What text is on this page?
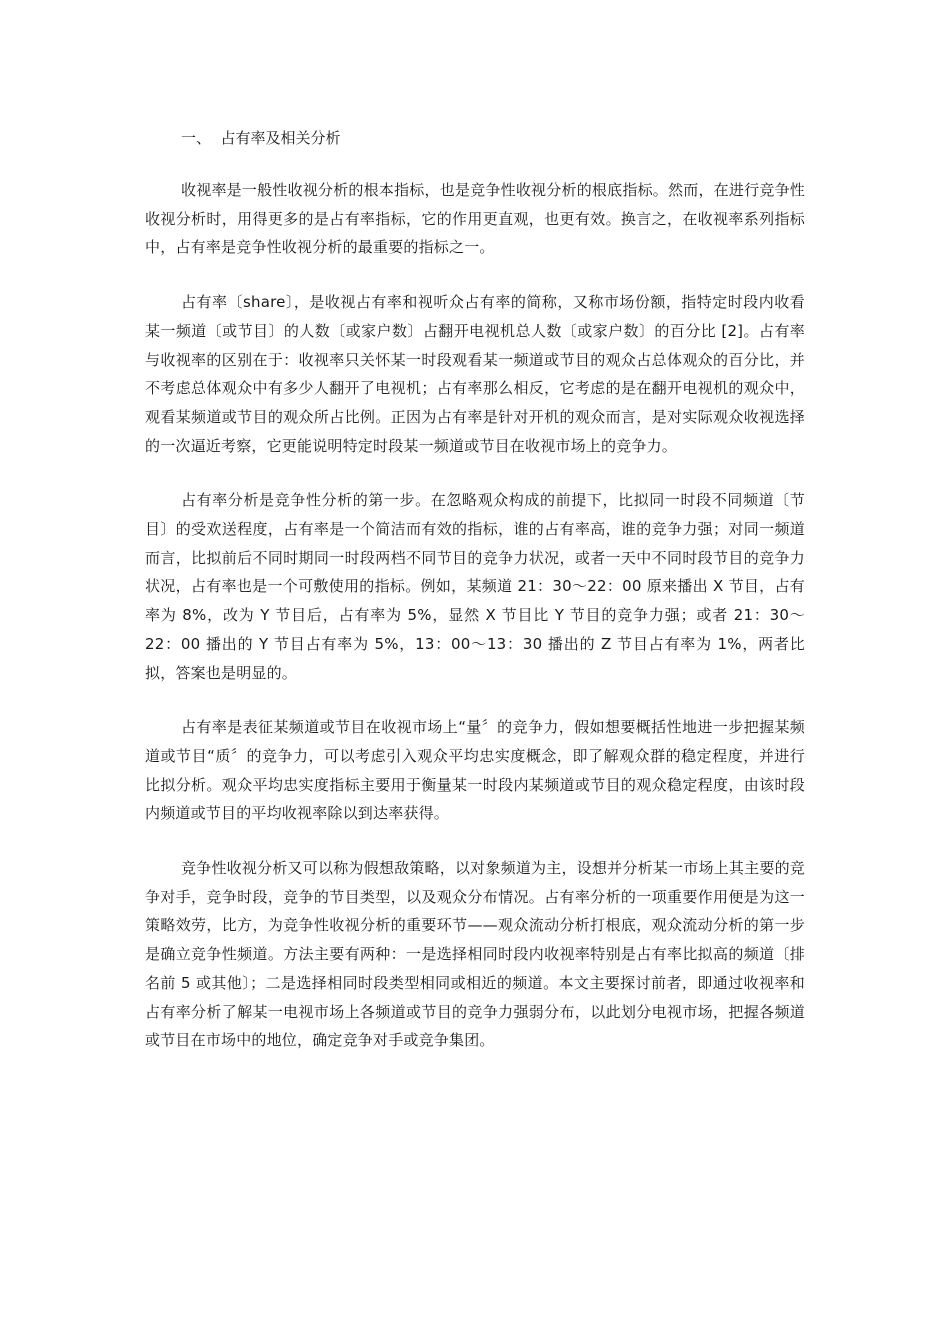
一、  占有率及相关分析

收视率是一般性收视分析的根本指标，也是竞争性收视分析的根底指标。然而，在进行竞争性收视分析时，用得更多的是占有率指标，它的作用更直观，也更有效。换言之，在收视率系列指标中，占有率是竞争性收视分析的最重要的指标之一。

占有率〔share〕，是收视占有率和视听众占有率的简称，又称市场份额，指特定时段内收看某一频道〔或节目〕的人数〔或家户数〕占翻开电视机总人数〔或家户数〕的百分比 [2]。占有率与收视率的区别在于：收视率只关怀某一时段观看某一频道或节目的观众占总体观众的百分比，并不考虑总体观众中有多少人翻开了电视机；占有率那么相反，它考虑的是在翻开电视机的观众中，观看某频道或节目的观众所占比例。正因为占有率是针对开机的观众而言，是对实际观众收视选择的一次逼近考察，它更能说明特定时段某一频道或节目在收视市场上的竞争力。

占有率分析是竞争性分析的第一步。在忽略观众构成的前提下，比拟同一时段不同频道〔节目〕的受欢送程度，占有率是一个简洁而有效的指标，谁的占有率高，谁的竞争力强；对同一频道而言，比拟前后不同时期同一时段两档不同节目的竞争力状况，或者一天中不同时段节目的竞争力状况，占有率也是一个可敷使用的指标。例如，某频道 21：30～22：00 原来播出 X 节目，占有率为 8%，改为 Y 节目后，占有率为 5%，显然 X 节目比 Y 节目的竞争力强；或者 21：30～22：00 播出的 Y 节目占有率为 5%，13：00～13：30 播出的 Z 节目占有率为 1%，两者比拟，答案也是明显的。

占有率是表征某频道或节目在收视市场上“量〞的竞争力，假如想要概括性地进一步把握某频道或节目“质〞的竞争力，可以考虑引入观众平均忠实度概念，即了解观众群的稳定程度，并进行比拟分析。观众平均忠实度指标主要用于衡量某一时段内某频道或节目的观众稳定程度，由该时段内频道或节目的平均收视率除以到达率获得。

竞争性收视分析又可以称为假想敌策略，以对象频道为主，设想并分析某一市场上其主要的竞争对手，竞争时段，竞争的节目类型，以及观众分布情况。占有率分析的一项重要作用便是为这一策略效劳，比方，为竞争性收视分析的重要环节——观众流动分析打根底，观众流动分析的第一步是确立竞争性频道。方法主要有两种：一是选择相同时段内收视率特别是占有率比拟高的频道〔排名前 5 或其他〕；二是选择相同时段类型相同或相近的频道。本文主要探讨前者，即通过收视率和占有率分析了解某一电视市场上各频道或节目的竞争力强弱分布，以此划分电视市场，把握各频道或节目在市场中的地位，确定竞争对手或竞争集团。
